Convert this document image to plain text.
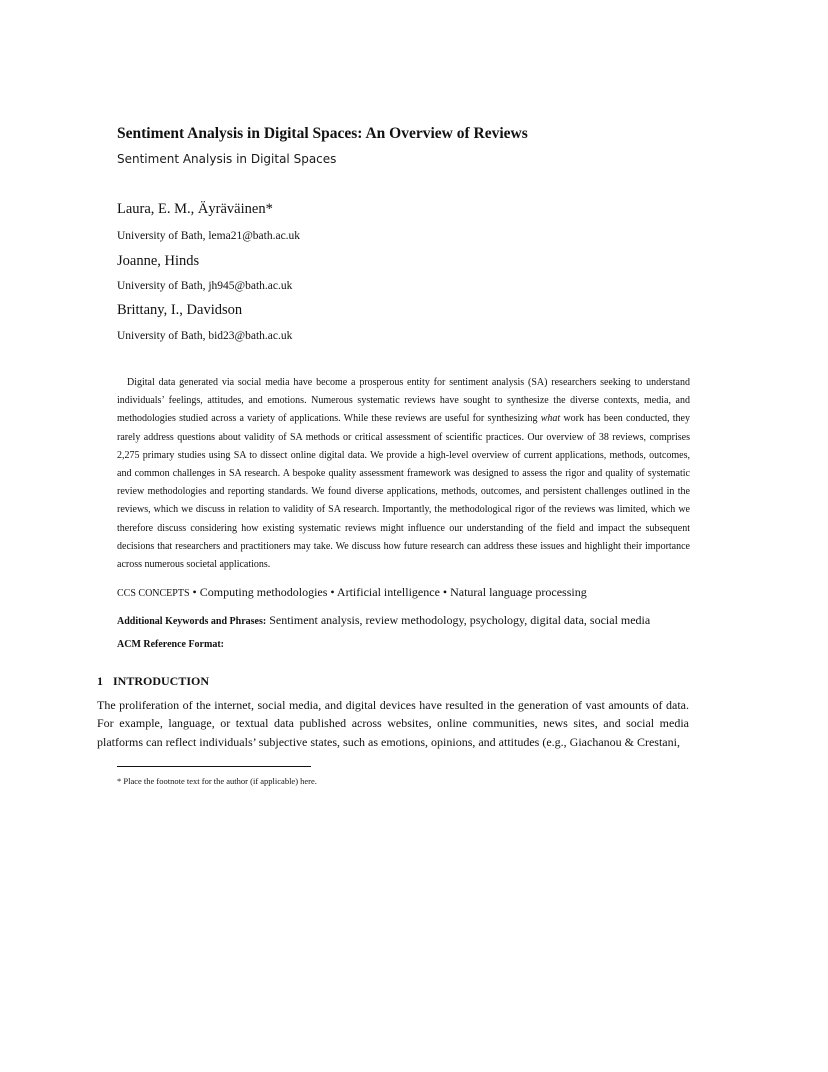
Sentiment Analysis in Digital Spaces: An Overview of Reviews
Sentiment Analysis in Digital Spaces
Laura, E. M., Äyräväinen*
University of Bath, lema21@bath.ac.uk
Joanne, Hinds
University of Bath, jh945@bath.ac.uk
Brittany, I., Davidson
University of Bath, bid23@bath.ac.uk

Digital data generated via social media have become a prosperous entity for sentiment analysis (SA) researchers seeking to understand individuals’ feelings, attitudes, and emotions. Numerous systematic reviews have sought to synthesize the diverse contexts, media, and methodologies studied across a variety of applications. While these reviews are useful for synthesizing what work has been conducted, they rarely address questions about validity of SA methods or critical assessment of scientific practices. Our overview of 38 reviews, comprises 2,275 primary studies using SA to dissect online digital data. We provide a high-level overview of current applications, methods, outcomes, and common challenges in SA research. A bespoke quality assessment framework was designed to assess the rigor and quality of systematic review methodologies and reporting standards. We found diverse applications, methods, outcomes, and persistent challenges outlined in the reviews, which we discuss in relation to validity of SA research. Importantly, the methodological rigor of the reviews was limited, which we therefore discuss considering how existing systematic reviews might influence our understanding of the field and impact the subsequent decisions that researchers and practitioners may take. We discuss how future research can address these issues and highlight their importance across numerous societal applications.

CCS CONCEPTS • Computing methodologies • Artificial intelligence • Natural language processing
Additional Keywords and Phrases: Sentiment analysis, review methodology, psychology, digital data, social media
ACM Reference Format:
1 INTRODUCTION

The proliferation of the internet, social media, and digital devices have resulted in the generation of vast amounts of data. For example, language, or textual data published across websites, online communities, news sites, and social media platforms can reflect individuals’ subjective states, such as emotions, opinions, and attitudes (e.g., Giachanou & Crestani,

* Place the footnote text for the author (if applicable) here.
